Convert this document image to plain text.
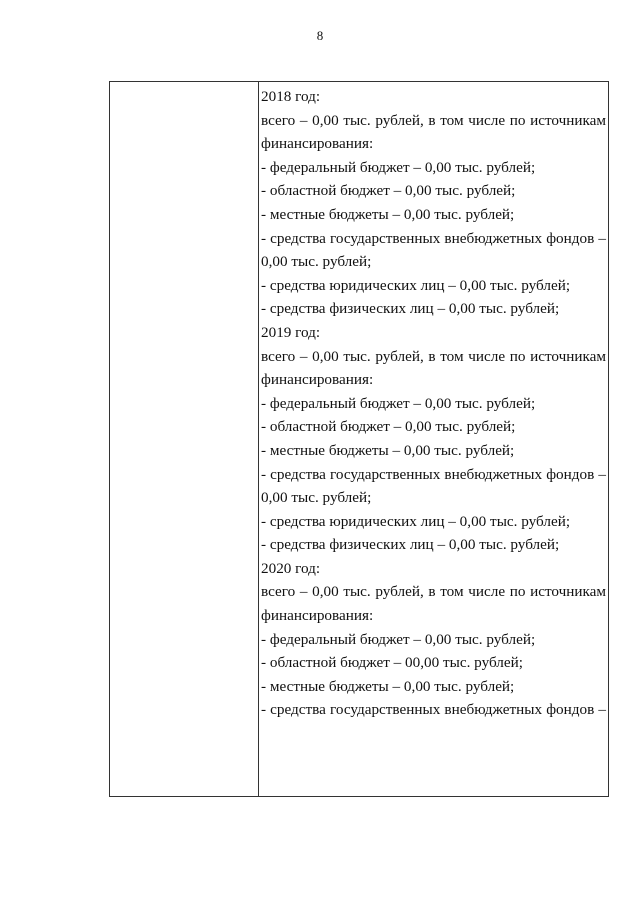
8
2018 год:
всего – 0,00 тыс. рублей, в том числе по источникам
финансирования:
- федеральный бюджет – 0,00 тыс. рублей;
- областной бюджет – 0,00 тыс. рублей;
- местные бюджеты – 0,00 тыс. рублей;
- средства государственных внебюджетных фондов –
0,00 тыс. рублей;
- средства юридических лиц – 0,00 тыс. рублей;
- средства физических лиц – 0,00 тыс. рублей;
2019 год:
всего – 0,00 тыс. рублей, в том числе по источникам
финансирования:
- федеральный бюджет – 0,00 тыс. рублей;
- областной бюджет – 0,00 тыс. рублей;
- местные бюджеты – 0,00 тыс. рублей;
- средства государственных внебюджетных фондов –
0,00 тыс. рублей;
- средства юридических лиц – 0,00 тыс. рублей;
- средства физических лиц – 0,00 тыс. рублей;
2020 год:
всего – 0,00 тыс. рублей, в том числе по источникам
финансирования:
- федеральный бюджет – 0,00 тыс. рублей;
- областной бюджет – 00,00 тыс. рублей;
- местные бюджеты – 0,00 тыс. рублей;
- средства государственных внебюджетных фондов –
